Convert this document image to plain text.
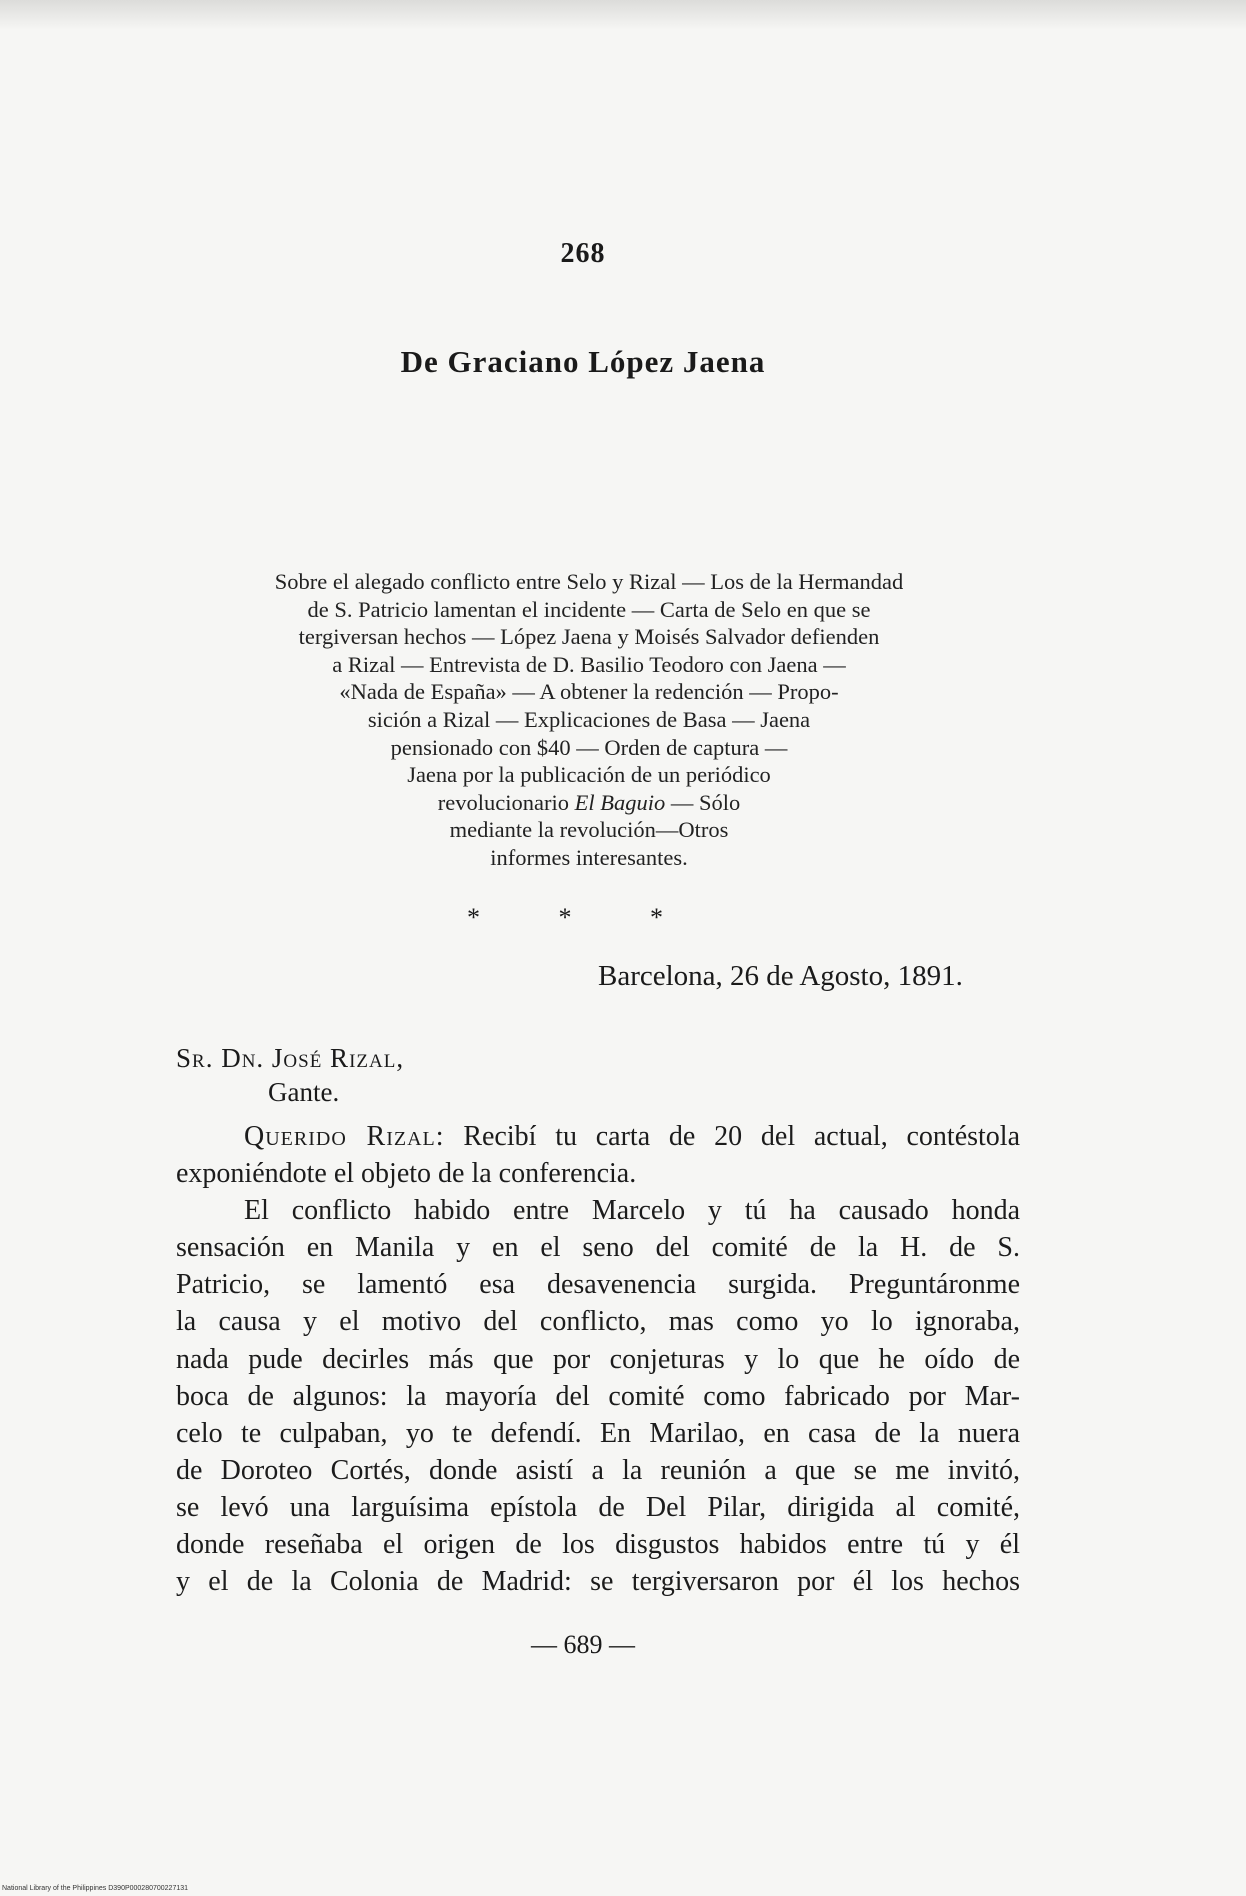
268
De Graciano López Jaena
Sobre el alegado conflicto entre Selo y Rizal — Los de la Hermandad
de S. Patricio lamentan el incidente — Carta de Selo en que se
tergiversan hechos — López Jaena y Moisés Salvador defienden
a Rizal — Entrevista de D. Basilio Teodoro con Jaena —
«Nada de España» — A obtener la redención — Propo-
sición a Rizal — Explicaciones de Basa — Jaena
pensionado con $40 — Orden de captura —
Jaena por la publicación de un periódico
revolucionario El Baguio — Sólo
mediante la revolución—Otros
informes interesantes.
* * *
Barcelona, 26 de Agosto, 1891.
Sr. Dn. José Rizal,
Gante.
Querido Rizal: Recibí tu carta de 20 del actual, contéstola
exponiéndote el objeto de la conferencia.
El conflicto habido entre Marcelo y tú ha causado honda
sensación en Manila y en el seno del comité de la H. de S.
Patricio, se lamentó esa desavenencia surgida. Preguntáronme
la causa y el motivo del conflicto, mas como yo lo ignoraba,
nada pude decirles más que por conjeturas y lo que he oído de
boca de algunos: la mayoría del comité como fabricado por Mar-
celo te culpaban, yo te defendí. En Marilao, en casa de la nuera
de Doroteo Cortés, donde asistí a la reunión a que se me invitó,
se levó una larguísima epístola de Del Pilar, dirigida al comité,
donde reseñaba el origen de los disgustos habidos entre tú y él
y el de la Colonia de Madrid: se tergiversaron por él los hechos
— 689 —
National Library of the Philippines D390P000280700227131
